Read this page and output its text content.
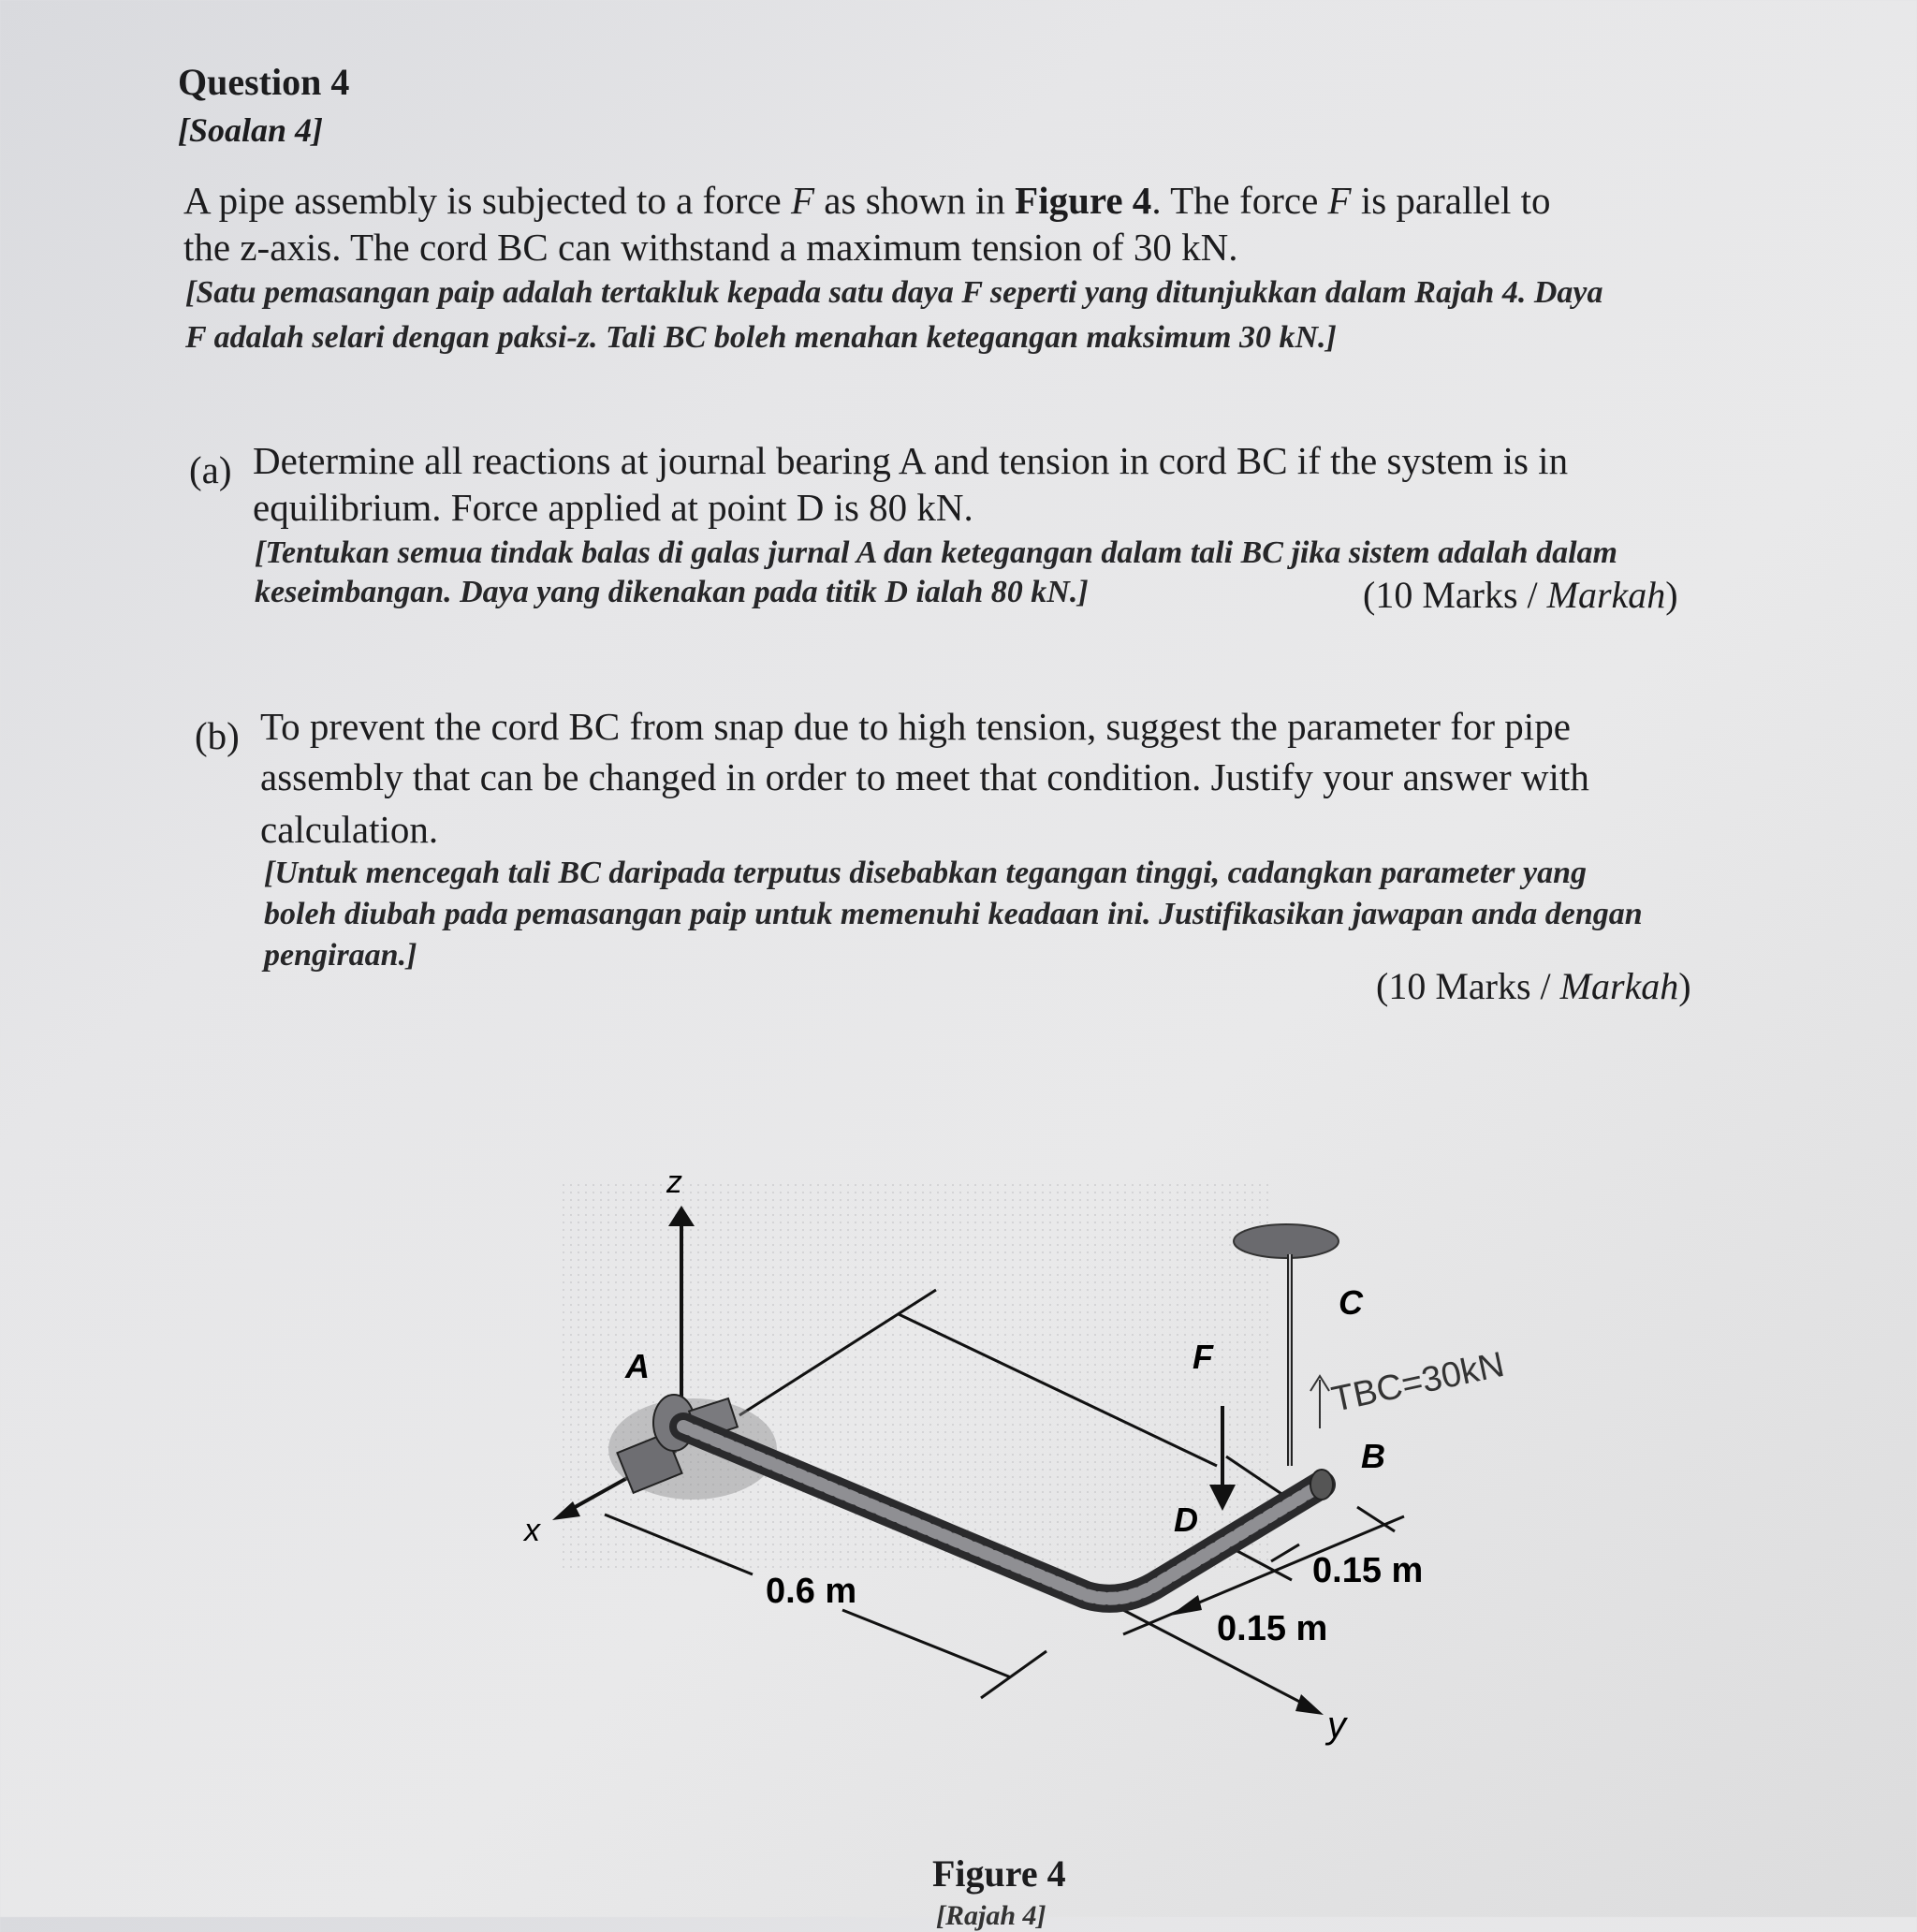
Question 4
[Soalan 4]
A pipe assembly is subjected to a force F as shown in Figure 4. The force F is parallel to
the z-axis. The cord BC can withstand a maximum tension of 30 kN.
[Satu pemasangan paip adalah tertakluk kepada satu daya F seperti yang ditunjukkan dalam Rajah 4. Daya
F adalah selari dengan paksi-z. Tali BC boleh menahan ketegangan maksimum 30 kN.]
(a) Determine all reactions at journal bearing A and tension in cord BC if the system is in
equilibrium. Force applied at point D is 80 kN.
[Tentukan semua tindak balas di galas jurnal A dan ketegangan dalam tali BC jika sistem adalah dalam
keseimbangan. Daya yang dikenakan pada titik D ialah 80 kN.]	(10 Marks / Markah)
(b) To prevent the cord BC from snap due to high tension, suggest the parameter for pipe
assembly that can be changed in order to meet that condition. Justify your answer with
calculation.
[Untuk mencegah tali BC daripada terputus disebabkan tegangan tinggi, cadangkan parameter yang
boleh diubah pada pemasangan paip untuk memenuhi keadaan ini. Justifikasikan jawapan anda dengan
pengiraan.]
(10 Marks / Markah)
z
x
y
0.6 m
0.15 m
0.15 m
A
D
F
C
B
TBC=30kN
Figure 4
[Rajah 4]
